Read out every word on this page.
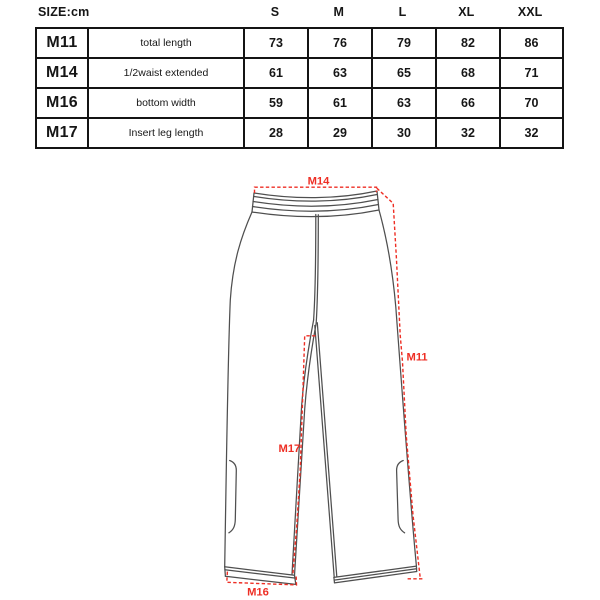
SIZE:cm	S	M	L	XL	XXL
M11	total length	73	76	79	82	86
M14	1/2waist extended	61	63	65	68	71
M16	bottom width	59	61	63	66	70
M17	Insert leg length	28	29	30	32	32
M14
M11
M17
M16
